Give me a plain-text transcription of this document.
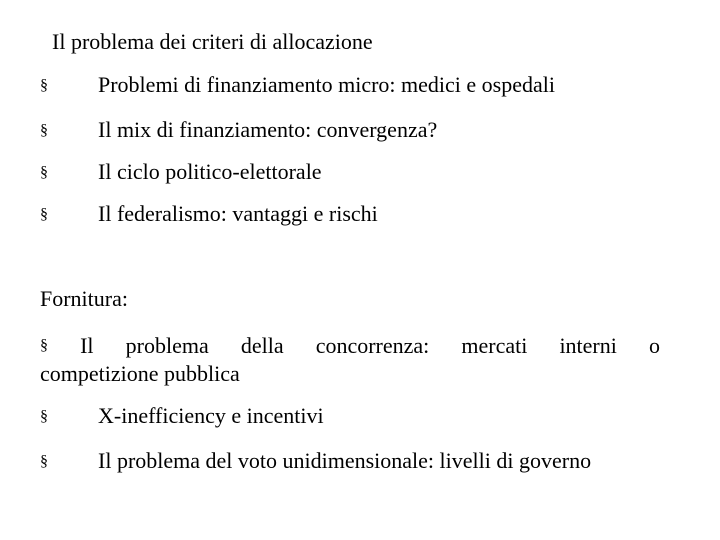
Il problema dei criteri di allocazione
§ Problemi di finanziamento micro: medici e ospedali
§ Il mix di finanziamento: convergenza?
§ Il ciclo politico-elettorale
§ Il federalismo: vantaggi e rischi
Fornitura:
§ Il problema della concorrenza: mercati interni o
competizione pubblica
§ X-inefficiency e incentivi
§ Il problema del voto unidimensionale: livelli di governo
